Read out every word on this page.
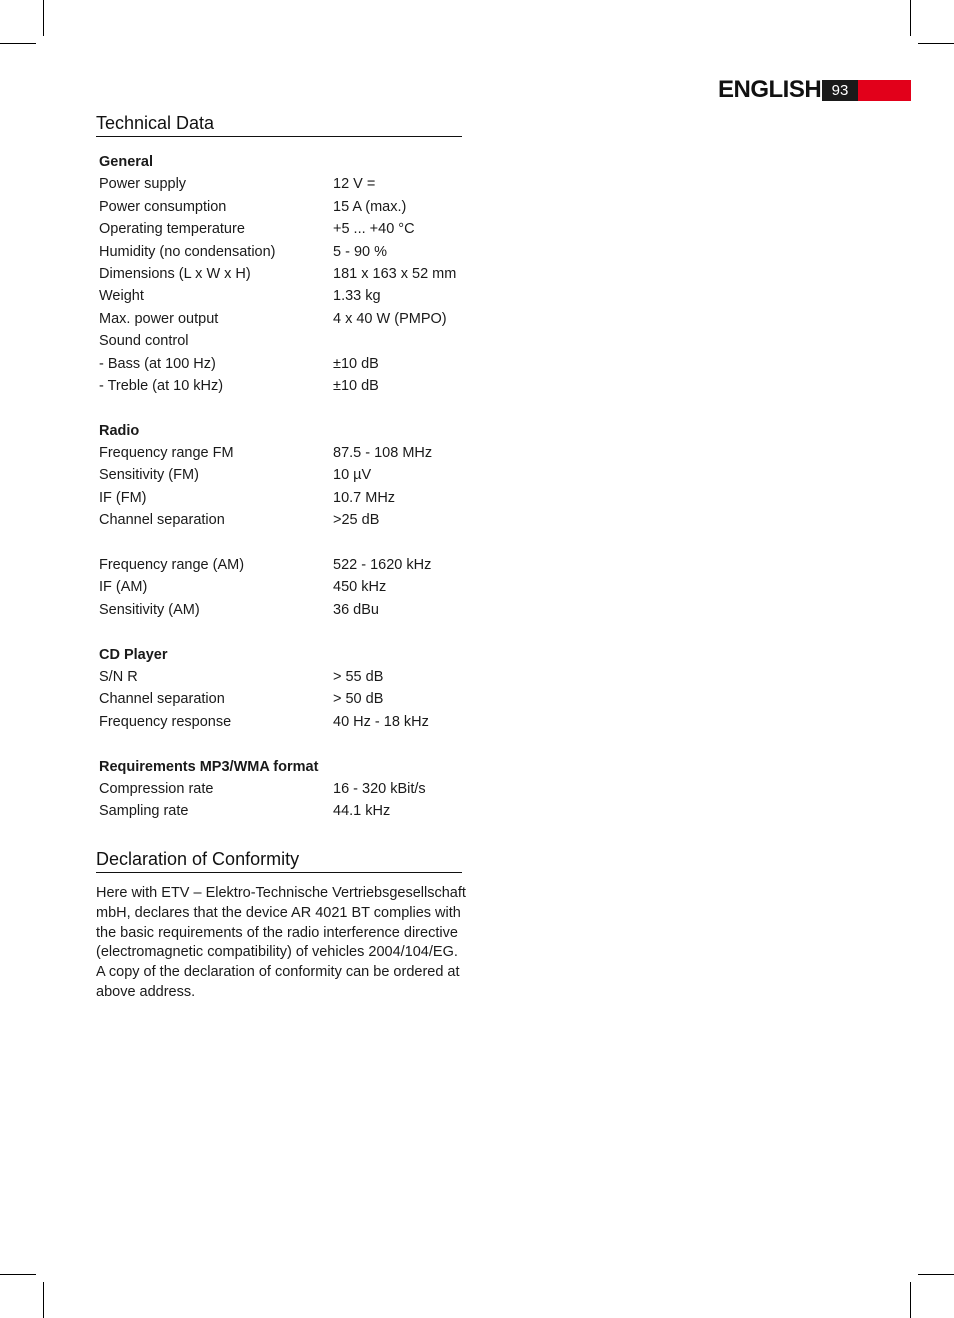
ENGLISH 93
Technical Data
General
Power supply	12 V =
Power consumption	15 A (max.)
Operating temperature	+5 ... +40 °C
Humidity (no condensation)	5 - 90 %
Dimensions (L x W x H)	181 x 163 x 52 mm
Weight	1.33 kg
Max. power output	4 x 40 W (PMPO)
Sound control
- Bass (at 100 Hz)	±10 dB
- Treble (at 10 kHz)	±10 dB
Radio
Frequency range FM	87.5 - 108 MHz
Sensitivity (FM)	10 µV
IF (FM)	10.7 MHz
Channel separation	>25 dB
Frequency range (AM)	522 - 1620 kHz
IF (AM)	450 kHz
Sensitivity (AM)	36 dBu
CD Player
S/N R	> 55 dB
Channel separation	> 50 dB
Frequency response	40 Hz - 18 kHz
Requirements MP3/WMA format
Compression rate	16 - 320 kBit/s
Sampling rate	44.1 kHz
Declaration of Conformity
Here with ETV – Elektro-Technische Vertriebsgesellschaft
mbH, declares that the device AR 4021 BT complies with
the basic requirements of the radio interference directive
(electromagnetic compatibility) of vehicles 2004/104/EG.
A copy of the declaration of conformity can be ordered at
above address.
